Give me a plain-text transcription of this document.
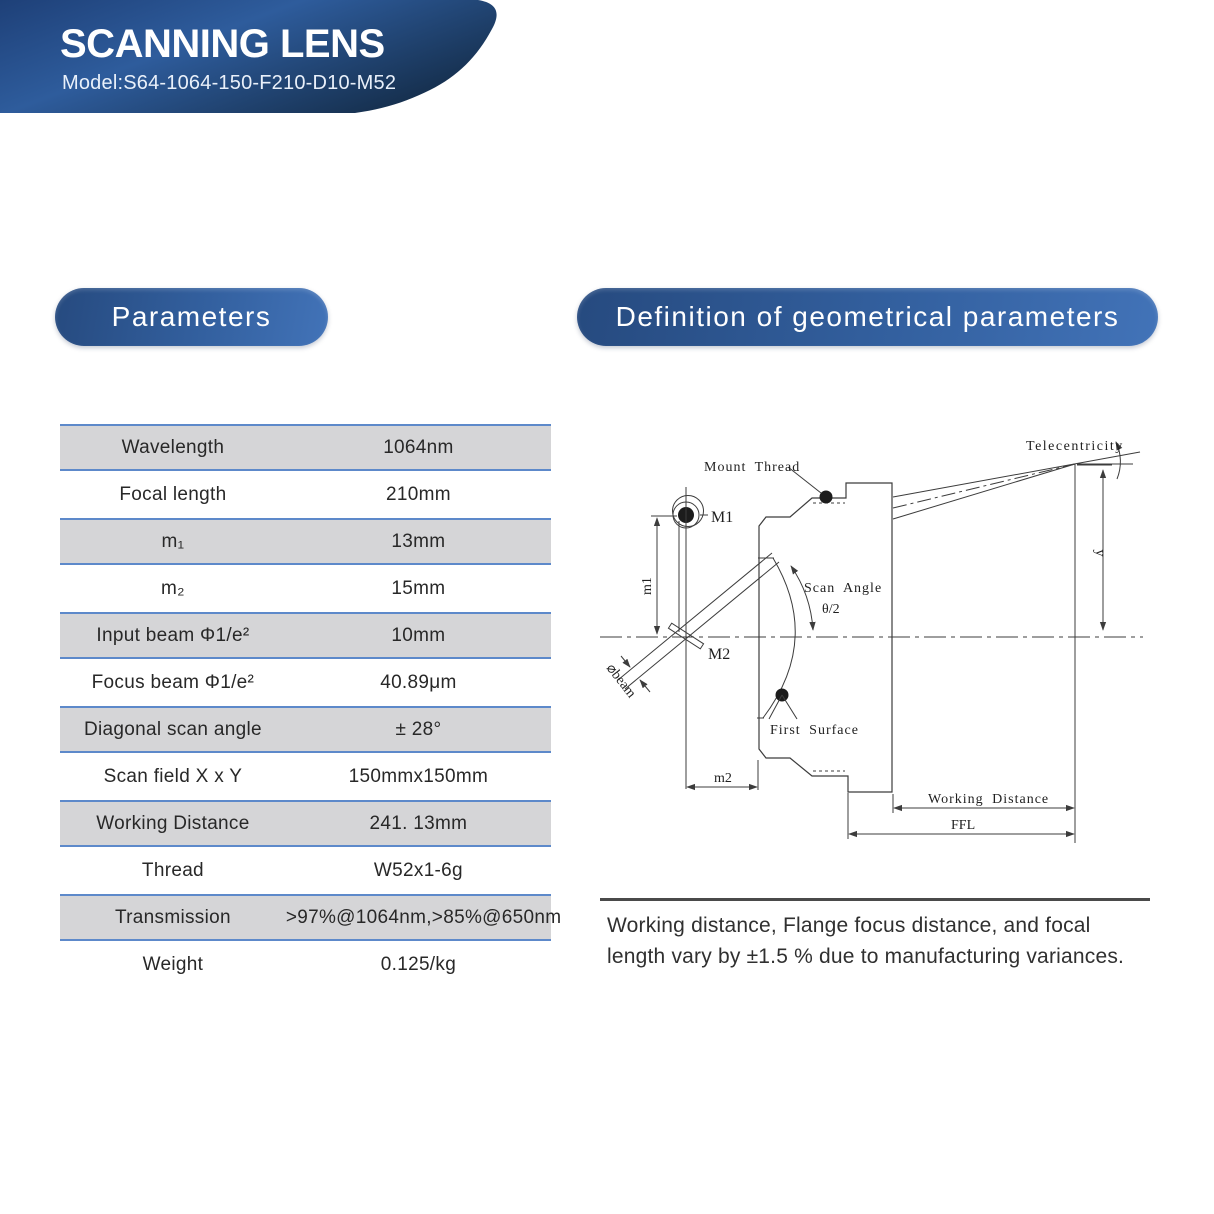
SCANNING LENS
Model:S64-1064-150-F210-D10-M52
Parameters	Definition of geometrical parameters
Wavelength	1064nm
Focal length	210mm
m₁	13mm
m₂	15mm
Input beam Φ1/e²	10mm
Focus beam Φ1/e²	40.89μm
Diagonal scan angle	± 28°
Scan field X x Y	150mmx150mm
Working Distance	241. 13mm
Thread	W52x1-6g
Transmission	>97%@1064nm,>85%@650nm
Weight	0.125/kg
Mount Thread
M1
m1
M2
⌀beam
Scan Angle
θ/2
First Surface
m2
Telecentricity
y
Working Distance
FFL
Working distance, Flange focus distance, and focal length vary by ±1.5 % due to manufacturing variances.
